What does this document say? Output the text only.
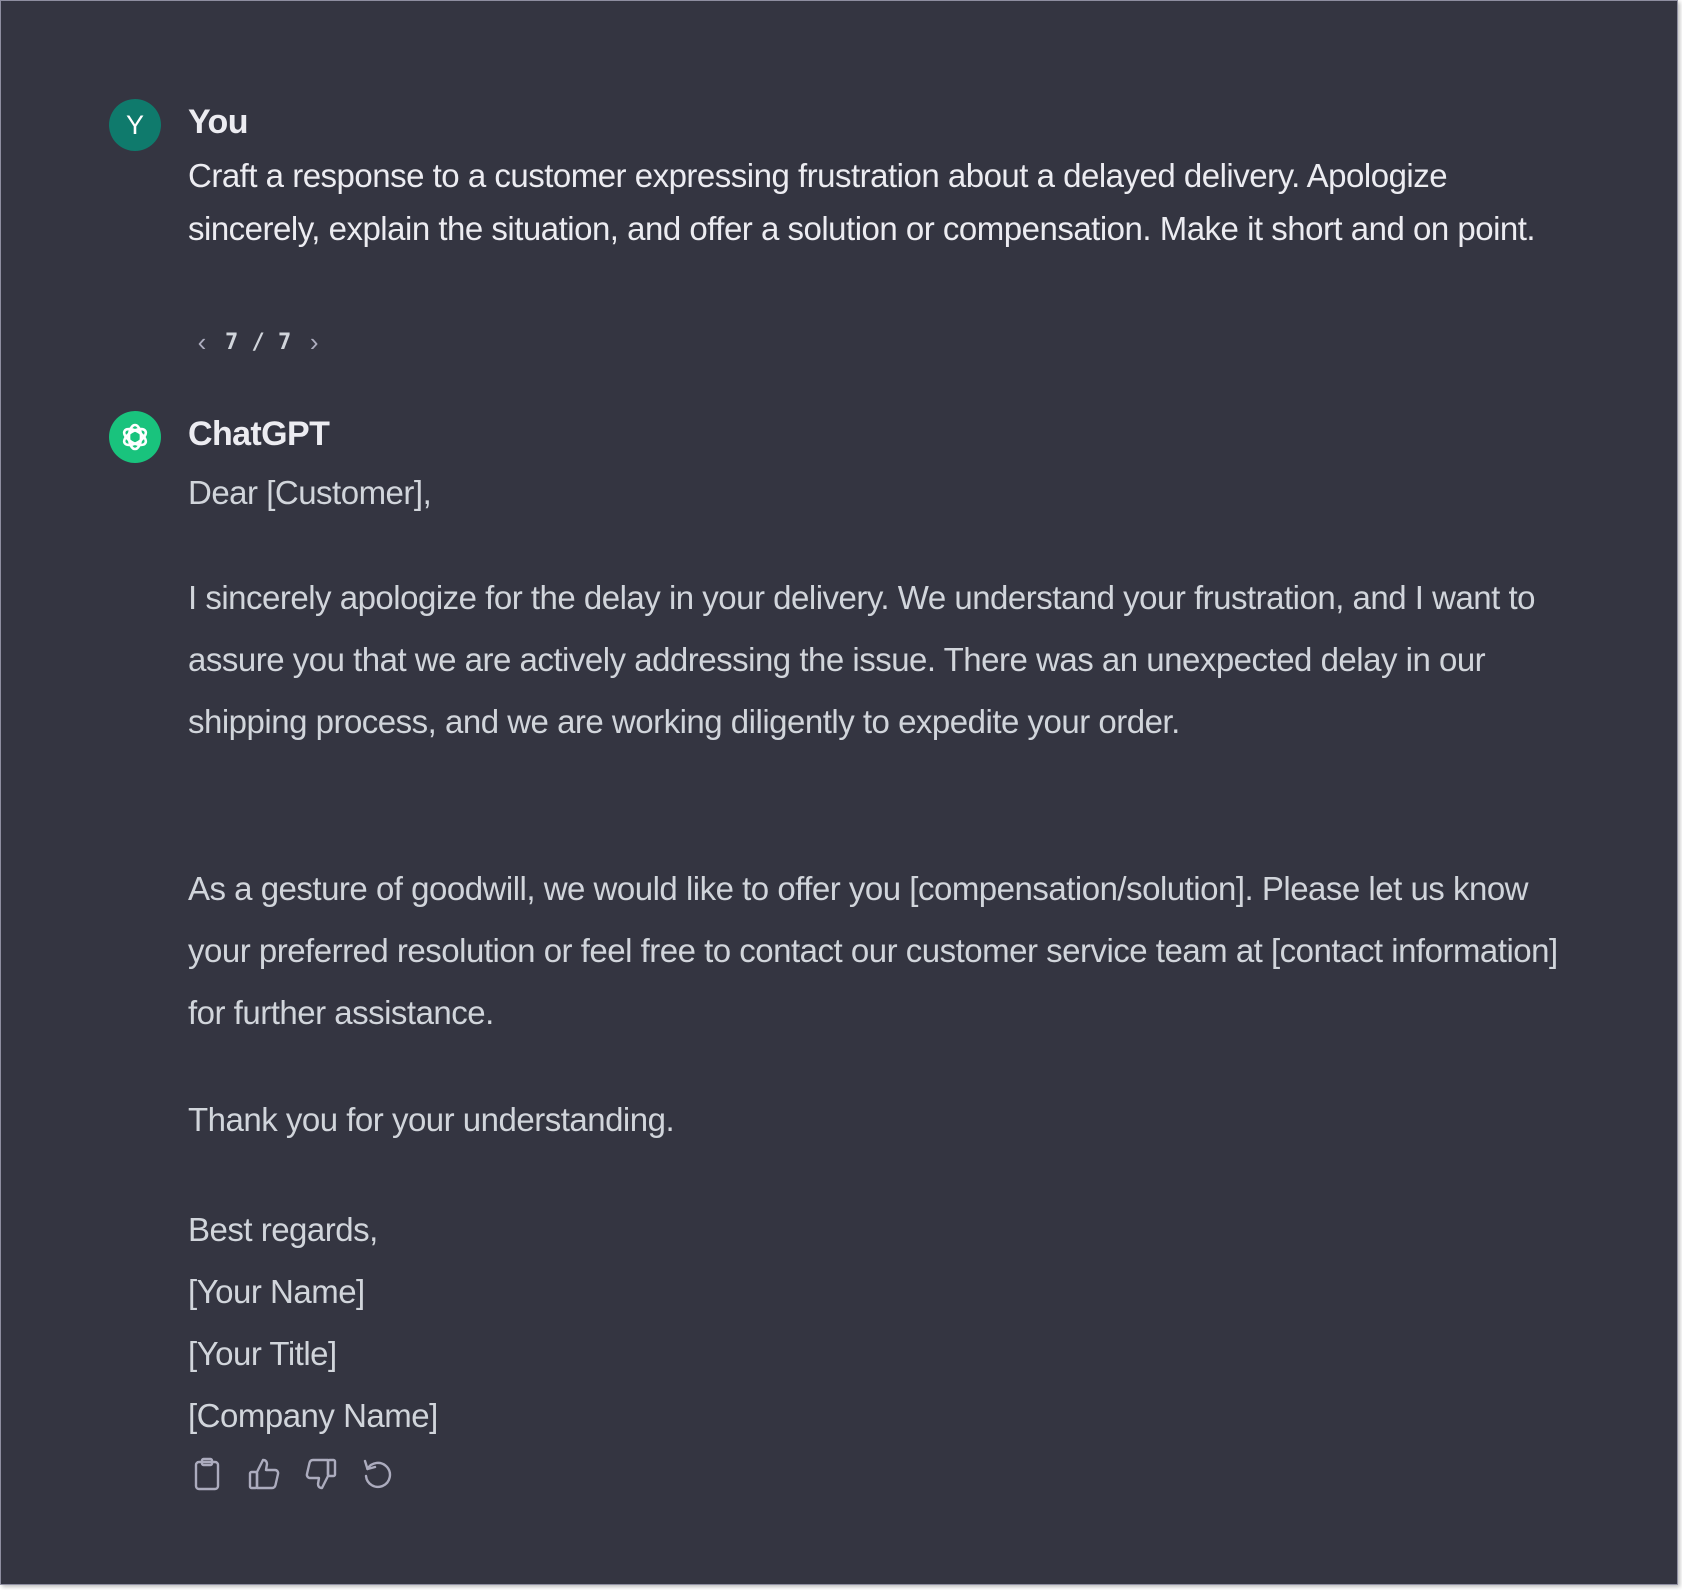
Y You
Craft a response to a customer expressing frustration about a delayed delivery. Apologize sincerely, explain the situation, and offer a solution or compensation. Make it short and on point.
‹ 7 / 7 ›
ChatGPT

Dear [Customer],

I sincerely apologize for the delay in your delivery. We understand your frustration, and I want to assure you that we are actively addressing the issue. There was an unexpected delay in our shipping process, and we are working diligently to expedite your order.

As a gesture of goodwill, we would like to offer you [compensation/solution]. Please let us know your preferred resolution or feel free to contact our customer service team at [contact information] for further assistance.

Thank you for your understanding.

Best regards,
[Your Name]
[Your Title]
[Company Name]
